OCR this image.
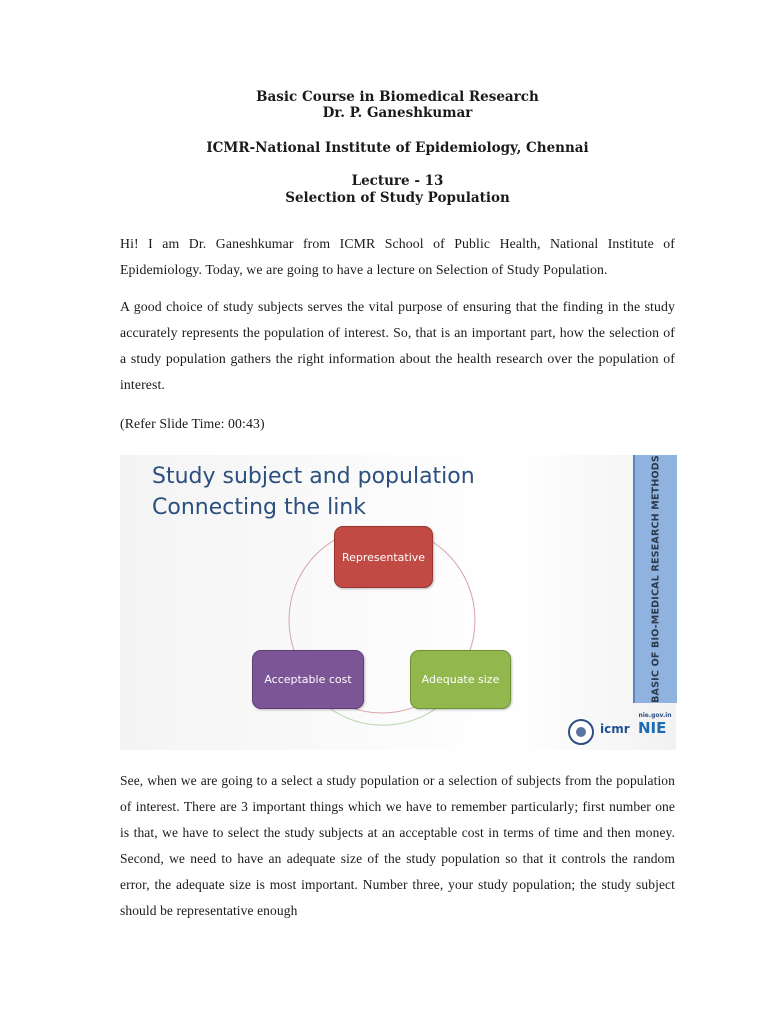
Basic Course in Biomedical Research
Dr. P. Ganeshkumar
ICMR-National Institute of Epidemiology, Chennai
Lecture - 13
Selection of Study Population
Hi! I am Dr. Ganeshkumar from ICMR School of Public Health, National Institute of Epidemiology. Today, we are going to have a lecture on Selection of Study Population.
A good choice of study subjects serves the vital purpose of ensuring that the finding in the study accurately represents the population of interest. So, that is an important part, how the selection of a study population gathers the right information about the health research over the population of interest.
(Refer Slide Time: 00:43)
Study subject and population
Connecting the link
Representative
Acceptable cost	Adequate size	BASIC OF BIO-MEDICAL RESEARCH METHODS
nie.gov.in
icmr NIE
See, when we are going to a select a study population or a selection of subjects from the population of interest. There are 3 important things which we have to remember particularly; first number one is that, we have to select the study subjects at an acceptable cost in terms of time and then money. Second, we need to have an adequate size of the study population so that it controls the random error, the adequate size is most important. Number three, your study population; the study subject should be representative enough
